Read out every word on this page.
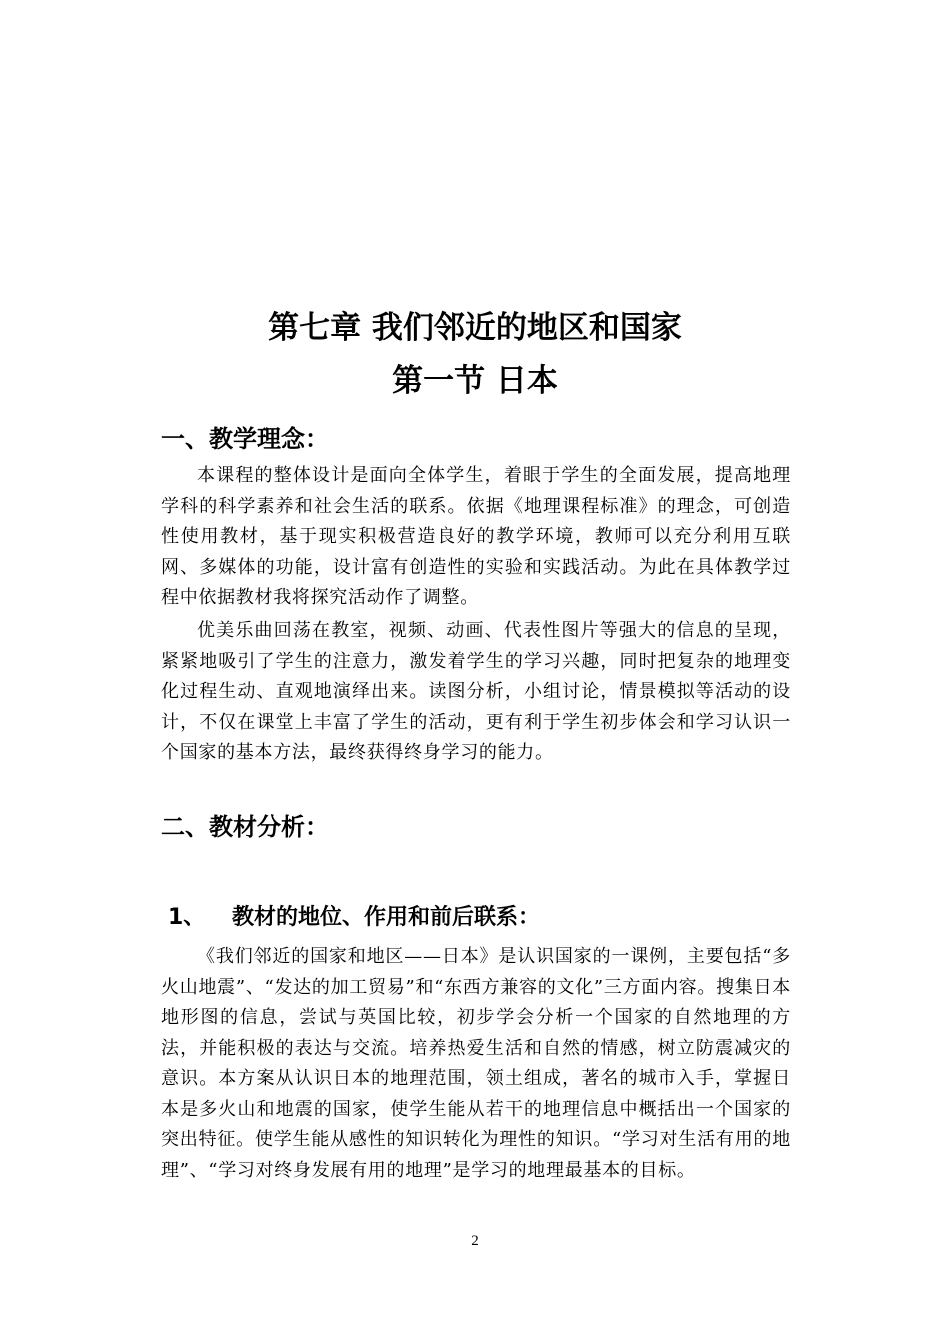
第七章 我们邻近的地区和国家
第一节 日本
一、教学理念：

本课程的整体设计是面向全体学生，着眼于学生的全面发展，提高地理学科的科学素养和社会生活的联系。依据《地理课程标准》的理念，可创造性使用教材，基于现实积极营造良好的教学环境，教师可以充分利用互联网、多媒体的功能，设计富有创造性的实验和实践活动。为此在具体教学过程中依据教材我将探究活动作了调整。

优美乐曲回荡在教室，视频、动画、代表性图片等强大的信息的呈现，紧紧地吸引了学生的注意力，激发着学生的学习兴趣，同时把复杂的地理变化过程生动、直观地演绎出来。读图分析，小组讨论，情景模拟等活动的设计，不仅在课堂上丰富了学生的活动，更有利于学生初步体会和学习认识一个国家的基本方法，最终获得终身学习的能力。

二、教材分析：
1、 教材的地位、作用和前后联系：

《我们邻近的国家和地区——日本》是认识国家的一课例，主要包括“多火山地震”、“发达的加工贸易”和“东西方兼容的文化”三方面内容。搜集日本地形图的信息，尝试与英国比较，初步学会分析一个国家的自然地理的方法，并能积极的表达与交流。培养热爱生活和自然的情感，树立防震减灾的意识。本方案从认识日本的地理范围，领土组成，著名的城市入手，掌握日本是多火山和地震的国家，使学生能从若干的地理信息中概括出一个国家的突出特征。使学生能从感性的知识转化为理性的知识。“学习对生活有用的地理”、“学习对终身发展有用的地理”是学习的地理最基本的目标。

2
